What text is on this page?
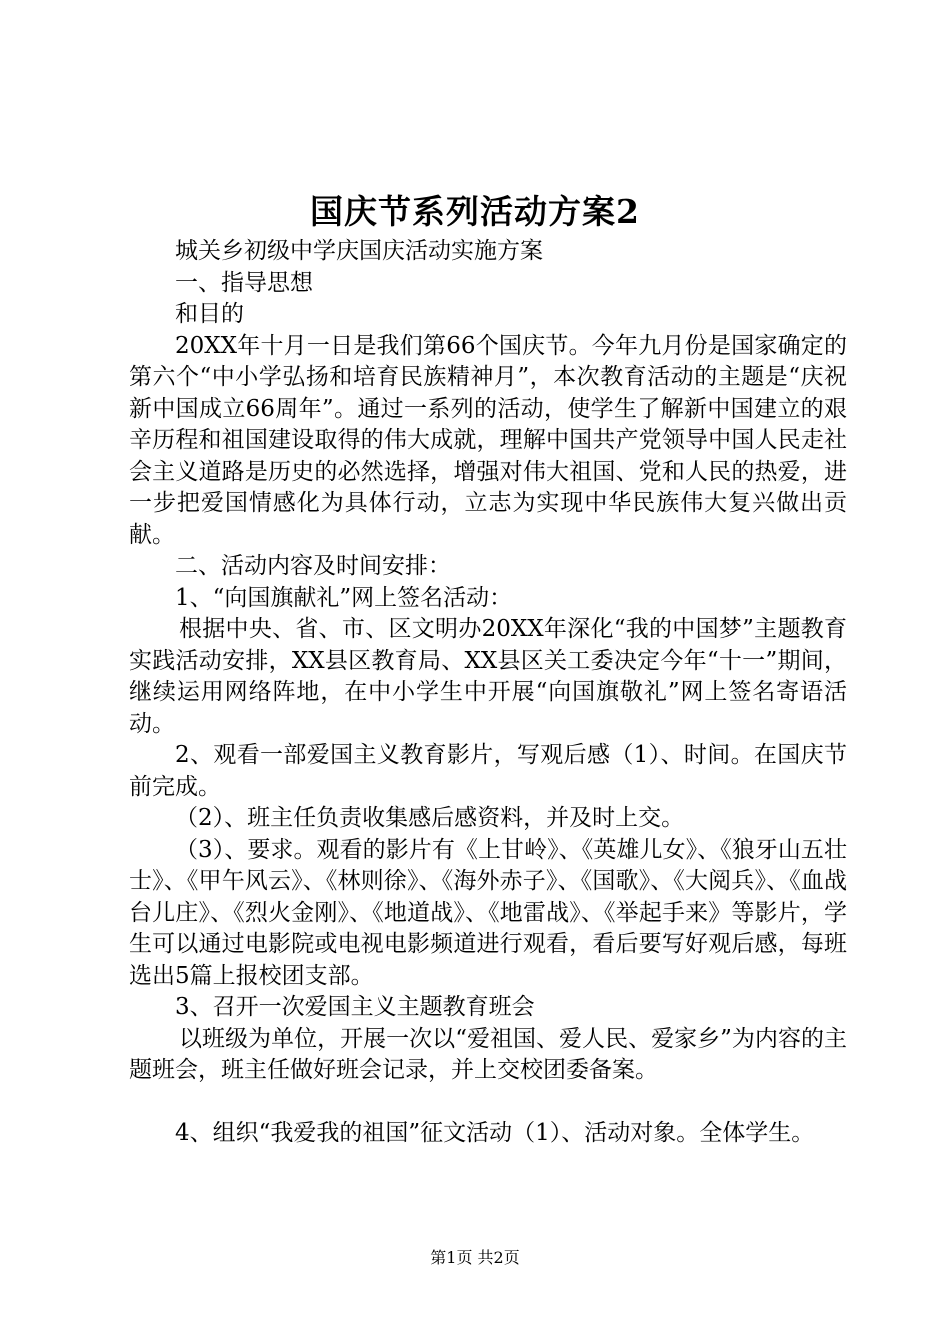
国庆节系列活动方案2

城关乡初级中学庆国庆活动实施方案

一、指导思想

和目的

20XX年十月一日是我们第66个国庆节。今年九月份是国家确定的第六个“中小学弘扬和培育民族精神月”，本次教育活动的主题是“庆祝新中国成立66周年”。通过一系列的活动，使学生了解新中国建立的艰辛历程和祖国建设取得的伟大成就，理解中国共产党领导中国人民走社会主义道路是历史的必然选择，增强对伟大祖国、党和人民的热爱，进一步把爱国情感化为具体行动，立志为实现中华民族伟大复兴做出贡献。

二、活动内容及时间安排：

1、“向国旗献礼”网上签名活动：

根据中央、省、市、区文明办20XX年深化“我的中国梦”主题教育实践活动安排，XX县区教育局、XX县区关工委决定今年“十一”期间，继续运用网络阵地，在中小学生中开展“向国旗敬礼”网上签名寄语活动。

2、观看一部爱国主义教育影片，写观后感（1）、时间。在国庆节前完成。

（2）、班主任负责收集感后感资料，并及时上交。

（3）、要求。观看的影片有《上甘岭》、《英雄儿女》、《狼牙山五壮士》、《甲午风云》、《林则徐》、《海外赤子》、《国歌》、《大阅兵》、《血战台儿庄》、《烈火金刚》、《地道战》、《地雷战》、《举起手来》等影片，学生可以通过电影院或电视电影频道进行观看，看后要写好观后感，每班选出5篇上报校团支部。

3、召开一次爱国主义主题教育班会

以班级为单位，开展一次以“爱祖国、爱人民、爱家乡”为内容的主题班会，班主任做好班会记录，并上交校团委备案。

4、组织“我爱我的祖国”征文活动（1）、活动对象。全体学生。

第1页 共2页
